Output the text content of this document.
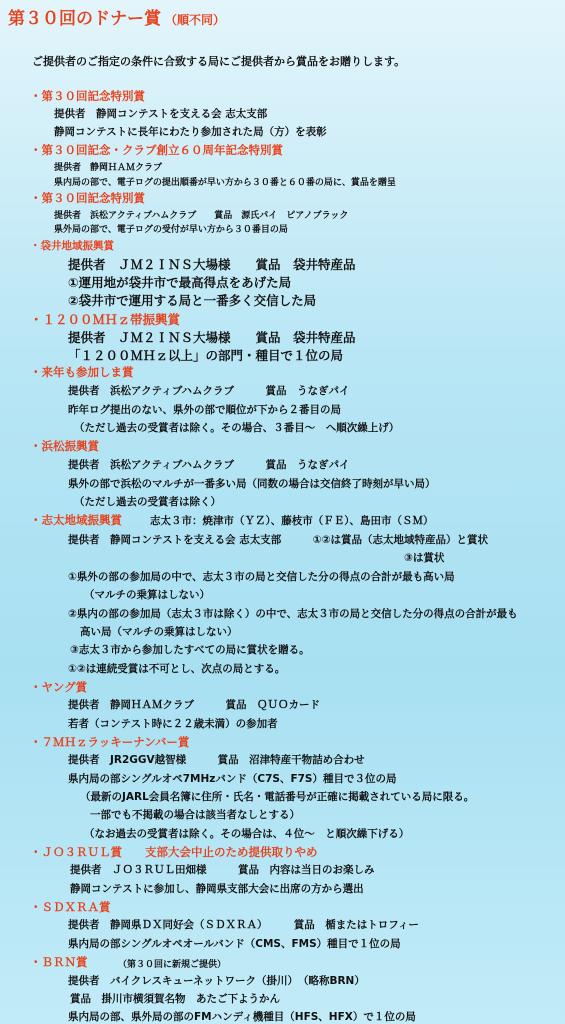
第３０回のドナー賞 （順不同）
ご提供者のご指定の条件に合致する局にご提供者から賞品をお贈りします。
・第３０回記念特別賞
提供者　静岡コンテストを支える会 志太支部
静岡コンテストに長年にわたり参加された局（方）を表彰
・第３０回記念・クラブ創立６０周年記念特別賞
提供者　静岡ＨＡＭクラブ
県内局の部で、電子ログの提出順番が早い方から３０番と６０番の局に、賞品を贈呈
・第３０回記念特別賞
提供者　浜松アクティブハムクラブ　　賞品　源氏パイ　ピアノブラック
県外局の部で、電子ログの受付が早い方から３０番目の局
・袋井地域振興賞
提供者　ＪＭ２ＩＮＳ大場様　　賞品　袋井特産品
①運用地が袋井市で最高得点をあげた局
②袋井市で運用する局と一番多く交信した局
・１２００ＭＨｚ帯振興賞
提供者　ＪＭ２ＩＮＳ大場様　　賞品　袋井特産品
「１２００ＭＨｚ以上」の部門・種目で１位の局
・来年も参加しま賞
提供者　浜松アクティブハムクラブ　　　賞品　うなぎパイ
昨年ログ提出のない、県外の部で順位が下から２番目の局
（ただし過去の受賞者は除く。その場合、３番目～　へ順次繰上げ）
・浜松振興賞
提供者　浜松アクティブハムクラブ　　　賞品　うなぎパイ
県外の部で浜松のマルチが一番多い局（同数の場合は交信終了時刻が早い局）
（ただし過去の受賞者は除く）
・志太地域振興賞	志太３市：焼津市（ＹＺ）、藤枝市（ＦＥ）、島田市（ＳＭ）
提供者　静岡コンテストを支える会 志太支部　　　①②は賞品（志太地域特産品）と賞状
③は賞状
①県外の部の参加局の中で、志太３市の局と交信した分の得点の合計が最も高い局
（マルチの乗算はしない）
②県内の部の参加局（志太３市は除く）の中で、志太３市の局と交信した分の得点の合計が最も
高い局（マルチの乗算はしない）
③志太３市から参加したすべての局に賞状を贈る。
①②は連続受賞は不可とし、次点の局とする。
・ヤング賞
提供者　静岡ＨＡＭクラブ　　　賞品　ＱＵＯカード
若者（コンテスト時に２２歳未満）の参加者
・７ＭＨｚラッキーナンバー賞
提供者　JR2GGV越智様　　　賞品　沼津特産干物詰め合わせ
県内局の部シングルオペ7MHzバンド（C7S、F7S）種目で３位の局
（最新のJARL会員名簿に住所・氏名・電話番号が正確に掲載されている局に限る。
一部でも不掲載の場合は該当者なしとする）
（なお過去の受賞者は除く。その場合は、４位～　と順次繰下げる）
・ＪＯ３ＲＵＬ賞　　支部大会中止のため提供取りやめ
提供者　ＪＯ３ＲＵＬ田畑様　　　賞品　内容は当日のお楽しみ
静岡コンテストに参加し、静岡県支部大会に出席の方から選出
・ＳＤＸＲＡ賞
提供者　静岡県ＤＸ同好会（ＳＤＸＲＡ）　　　賞品　楯またはトロフィー
県内局の部シングルオペオールバンド（CMS、FMS）種目で１位の局
・ＢＲＮ賞	（第３０回に新規ご提供）
提供者　バイクレスキューネットワーク（掛川）　（略称BRN）
賞品　掛川市横須賀名物　あたご下ようかん
県内局の部、県外局の部のFMハンディ機種目（HFS、HFX）で１位の局
